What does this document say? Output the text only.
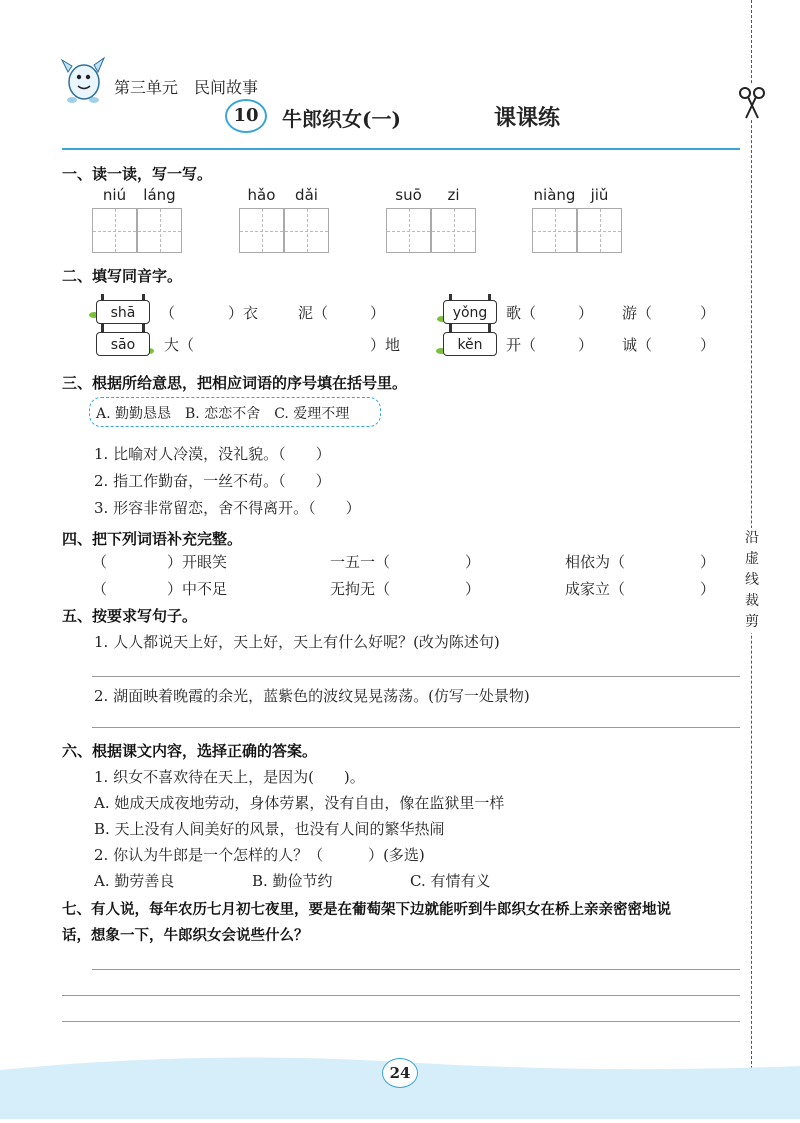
沿
虚
线
裁
剪
第三单元　民间故事
10	牛郎织女(一)	课课练
一、读一读，写一写。
niú	láng	hǎo	dǎi	suō	zi	niàng	jiǔ
二、填写同音字。
shā
sāo
（	）衣	泥（	）
大（	）地
yǒng
kěn
歌（	） 游（	）
开（	） 诚（	）
三、根据所给意思，把相应词语的序号填在括号里。
A. 勤勤恳恳　B. 恋恋不舍　C. 爱理不理
1. 比喻对人冷漠，没礼貌。（　　）
2. 指工作勤奋，一丝不苟。（　　）
3. 形容非常留恋，舍不得离开。（　　）
四、把下列词语补充完整。
（　　　　）开眼笑	一五一（　　　　　）	相依为（　　　　　）
（　　　　）中不足	无拘无（　　　　　）	成家立（　　　　　）
五、按要求写句子。
1. 人人都说天上好，天上好，天上有什么好呢？(改为陈述句)
2. 湖面映着晚霞的余光，蓝紫色的波纹晃晃荡荡。(仿写一处景物)
六、根据课文内容，选择正确的答案。
1. 织女不喜欢待在天上，是因为(　　)。
A. 她成天成夜地劳动，身体劳累，没有自由，像在监狱里一样
B. 天上没有人间美好的风景，也没有人间的繁华热闹
2. 你认为牛郎是一个怎样的人？（　　　）(多选)
A. 勤劳善良	B. 勤俭节约	C. 有情有义
七、有人说，每年农历七月初七夜里，要是在葡萄架下边就能听到牛郎织女在桥上亲亲密密地说
话，想象一下，牛郎织女会说些什么？
24
